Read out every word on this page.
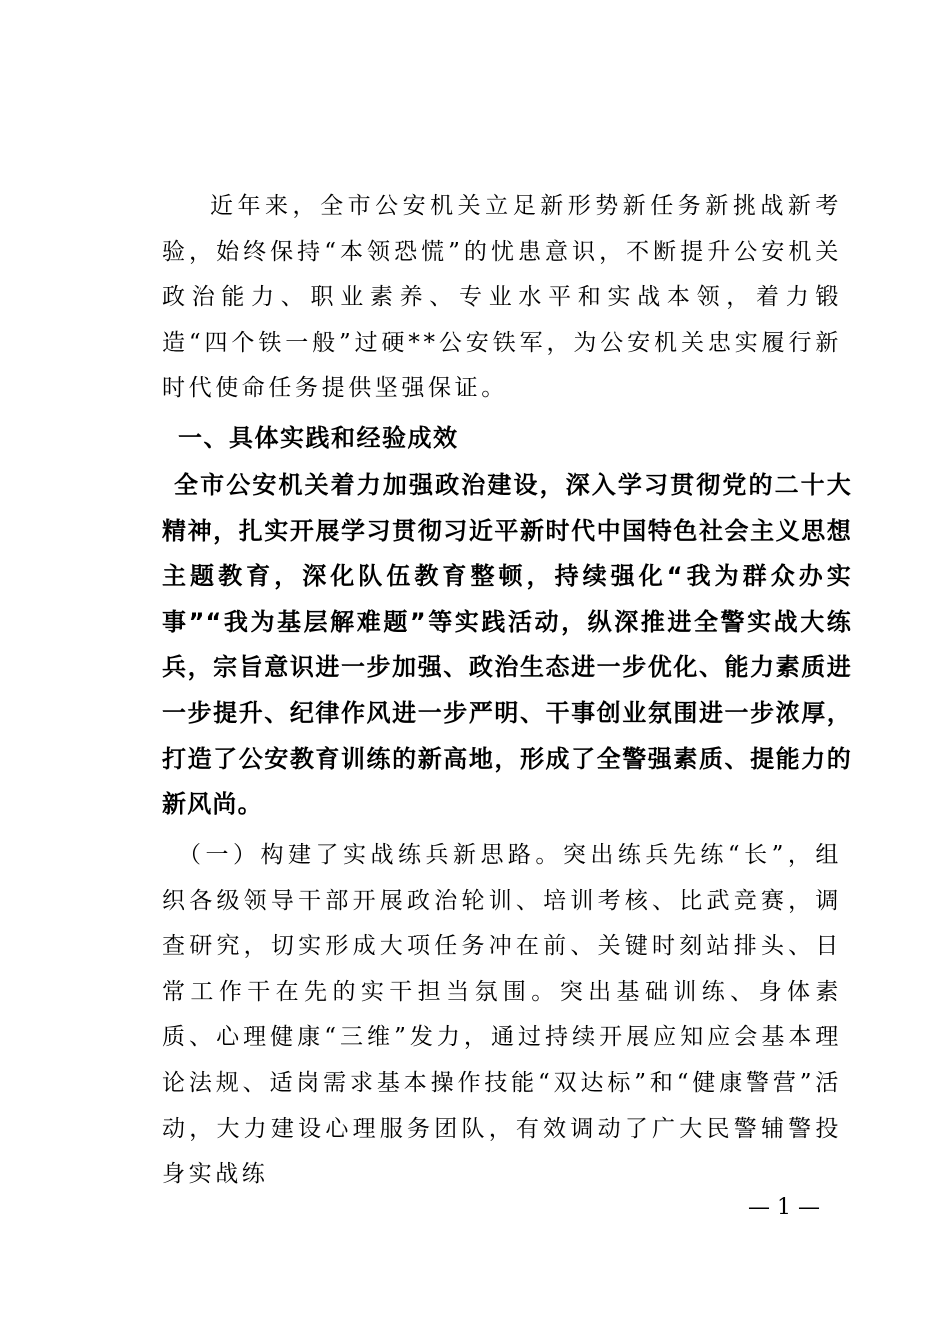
近年来，全市公安机关立足新形势新任务新挑战新考验，始终保持“本领恐慌”的忧患意识，不断提升公安机关政治能力、职业素养、专业水平和实战本领，着力锻造“四个铁一般”过硬**公安铁军，为公安机关忠实履行新时代使命任务提供坚强保证。

一、具体实践和经验成效

全市公安机关着力加强政治建设，深入学习贯彻党的二十大精神，扎实开展学习贯彻习近平新时代中国特色社会主义思想主题教育，深化队伍教育整顿，持续强化“我为群众办实事”“我为基层解难题”等实践活动，纵深推进全警实战大练兵，宗旨意识进一步加强、政治生态进一步优化、能力素质进一步提升、纪律作风进一步严明、干事创业氛围进一步浓厚，打造了公安教育训练的新高地，形成了全警强素质、提能力的新风尚。

（一）构建了实战练兵新思路。突出练兵先练“长”，组织各级领导干部开展政治轮训、培训考核、比武竞赛，调查研究，切实形成大项任务冲在前、关键时刻站排头、日常工作干在先的实干担当氛围。突出基础训练、身体素质、心理健康“三维”发力，通过持续开展应知应会基本理论法规、适岗需求基本操作技能“双达标”和“健康警营”活动，大力建设心理服务团队，有效调动了广大民警辅警投身实战练

— 1 —
